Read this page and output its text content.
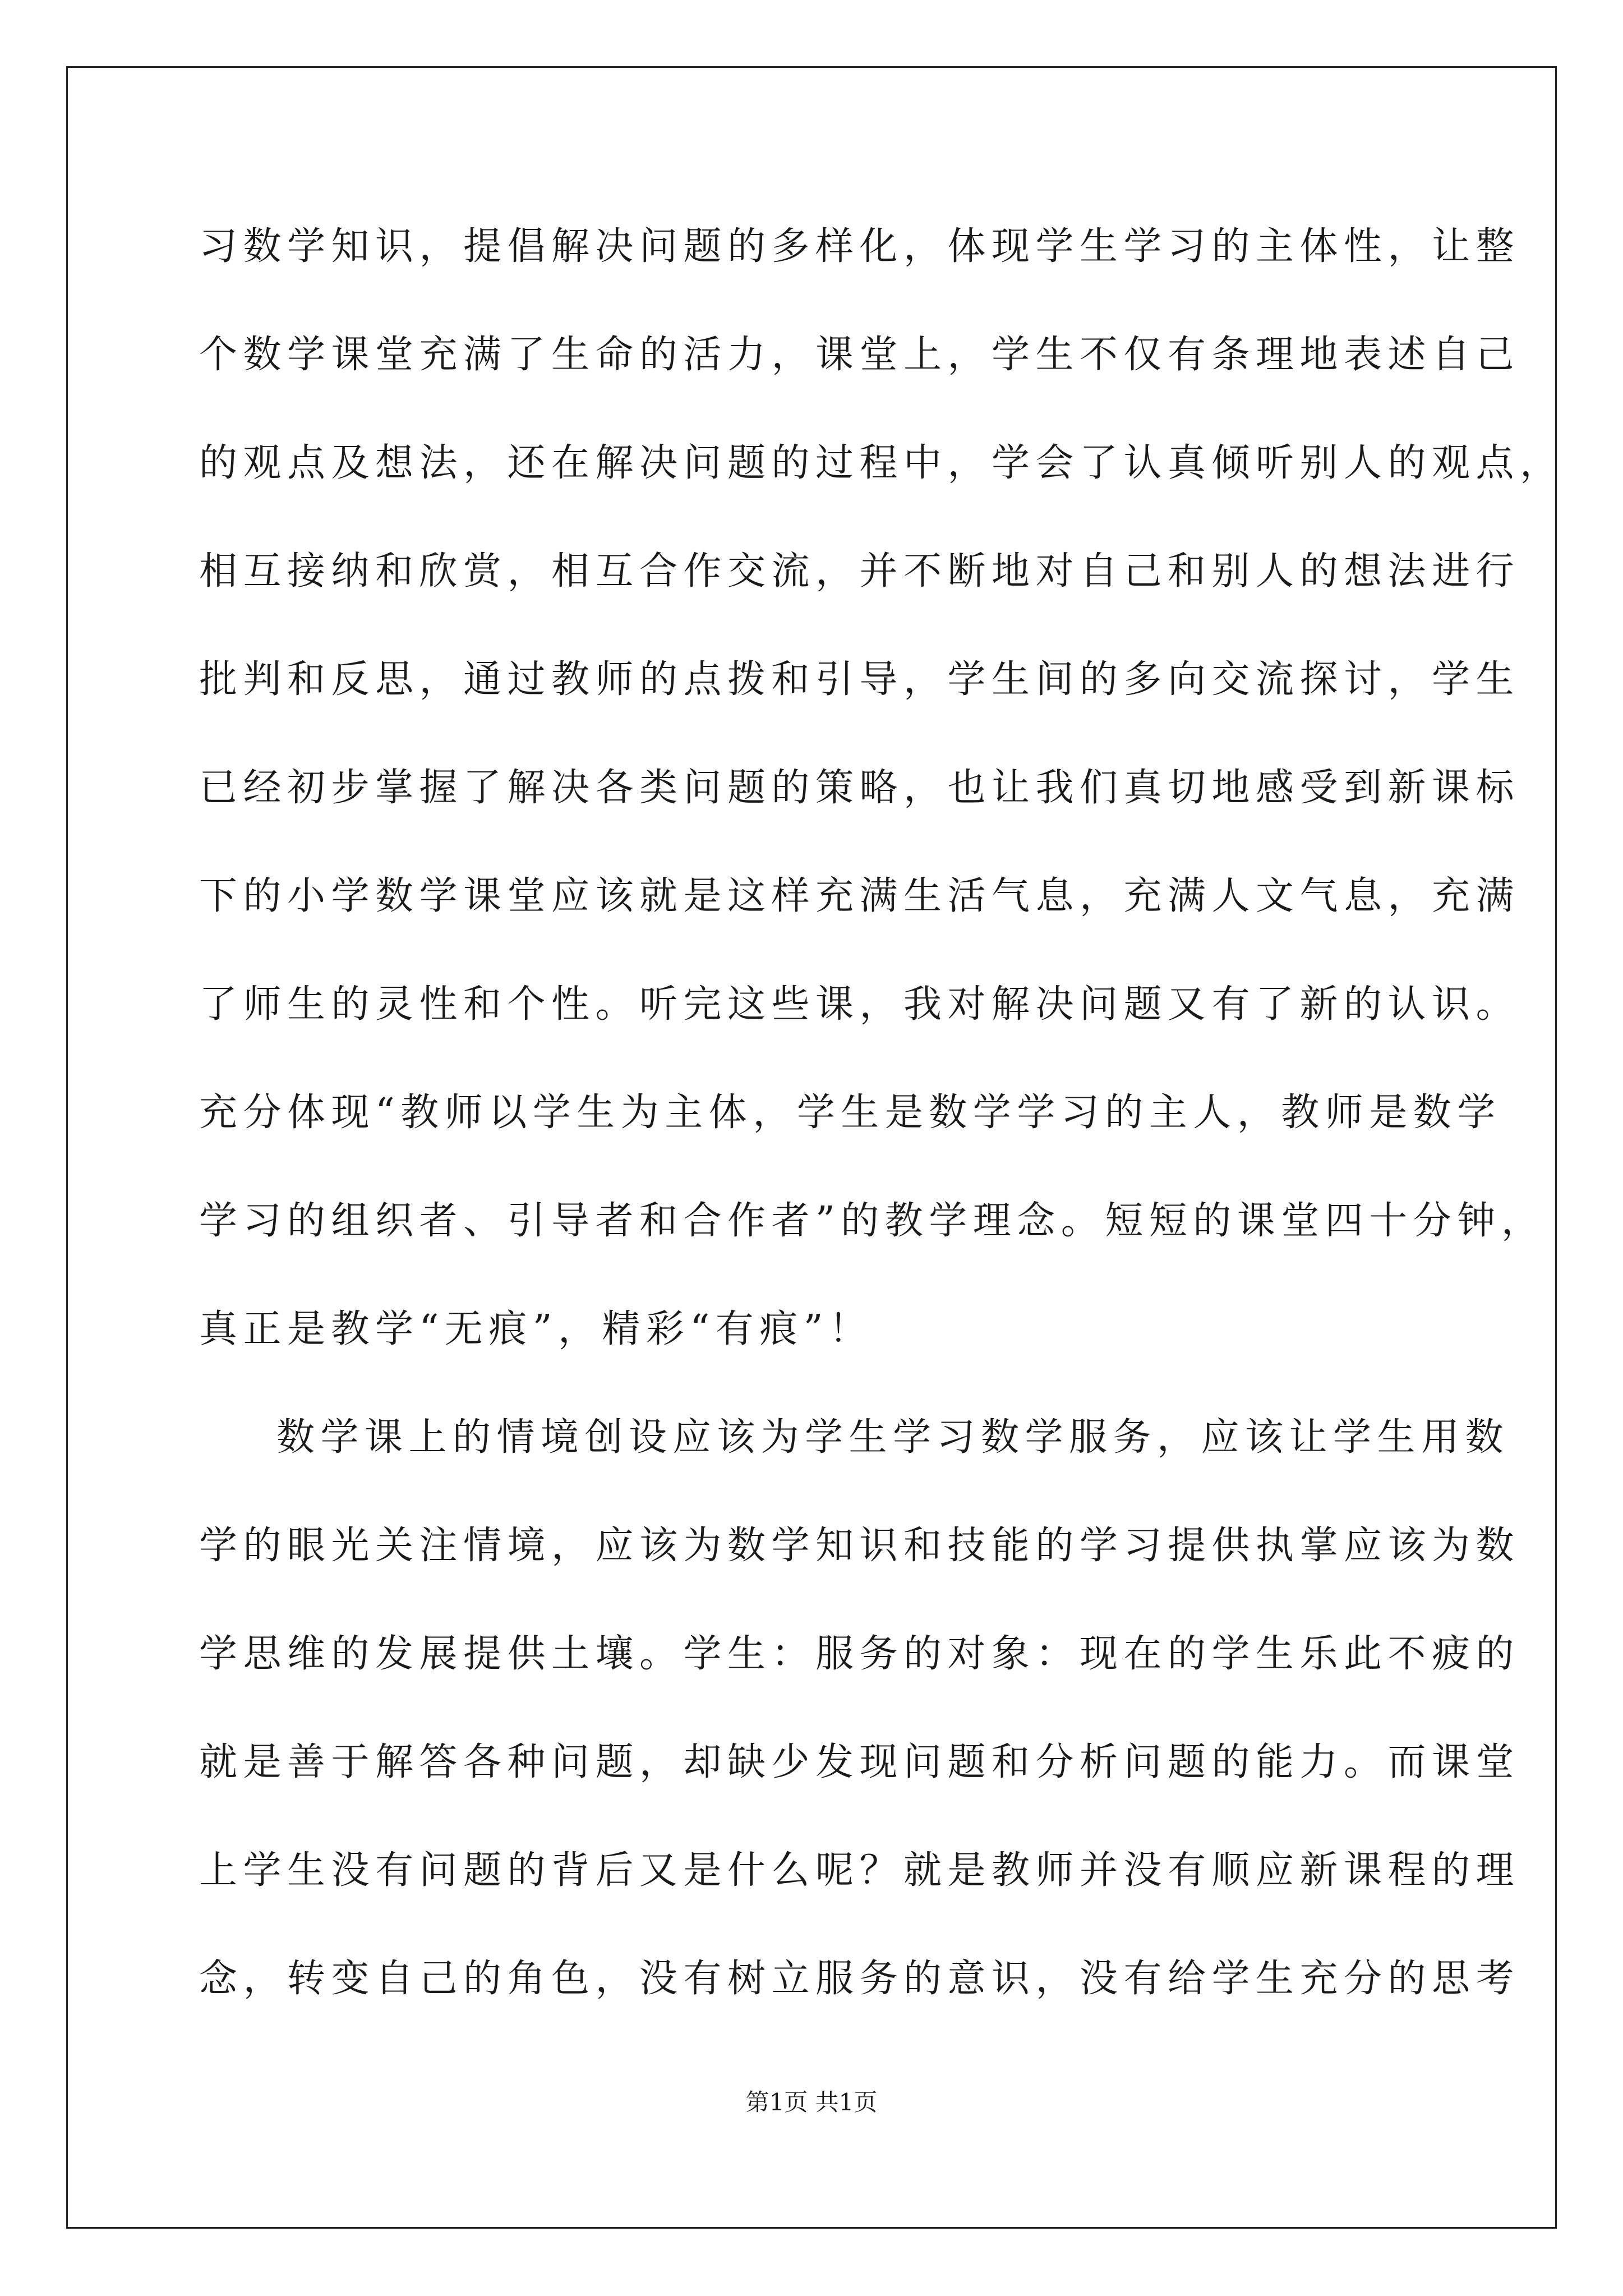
习数学知识，提倡解决问题的多样化，体现学生学习的主体性，让整
个数学课堂充满了生命的活力，课堂上，学生不仅有条理地表述自己
的观点及想法，还在解决问题的过程中，学会了认真倾听别人的观点，
相互接纳和欣赏，相互合作交流，并不断地对自己和别人的想法进行
批判和反思，通过教师的点拨和引导，学生间的多向交流探讨，学生
已经初步掌握了解决各类问题的策略，也让我们真切地感受到新课标
下的小学数学课堂应该就是这样充满生活气息，充满人文气息，充满
了师生的灵性和个性。听完这些课，我对解决问题又有了新的认识。
充分体现“教师以学生为主体，学生是数学学习的主人，教师是数学
学习的组织者、引导者和合作者”的教学理念。短短的课堂四十分钟，
真正是教学“无痕”，精彩“有痕”！
数学课上的情境创设应该为学生学习数学服务，应该让学生用数
学的眼光关注情境，应该为数学知识和技能的学习提供执掌应该为数
学思维的发展提供土壤。学生：服务的对象：现在的学生乐此不疲的
就是善于解答各种问题，却缺少发现问题和分析问题的能力。而课堂
上学生没有问题的背后又是什么呢？就是教师并没有顺应新课程的理
念，转变自己的角色，没有树立服务的意识，没有给学生充分的思考
第1页 共1页
